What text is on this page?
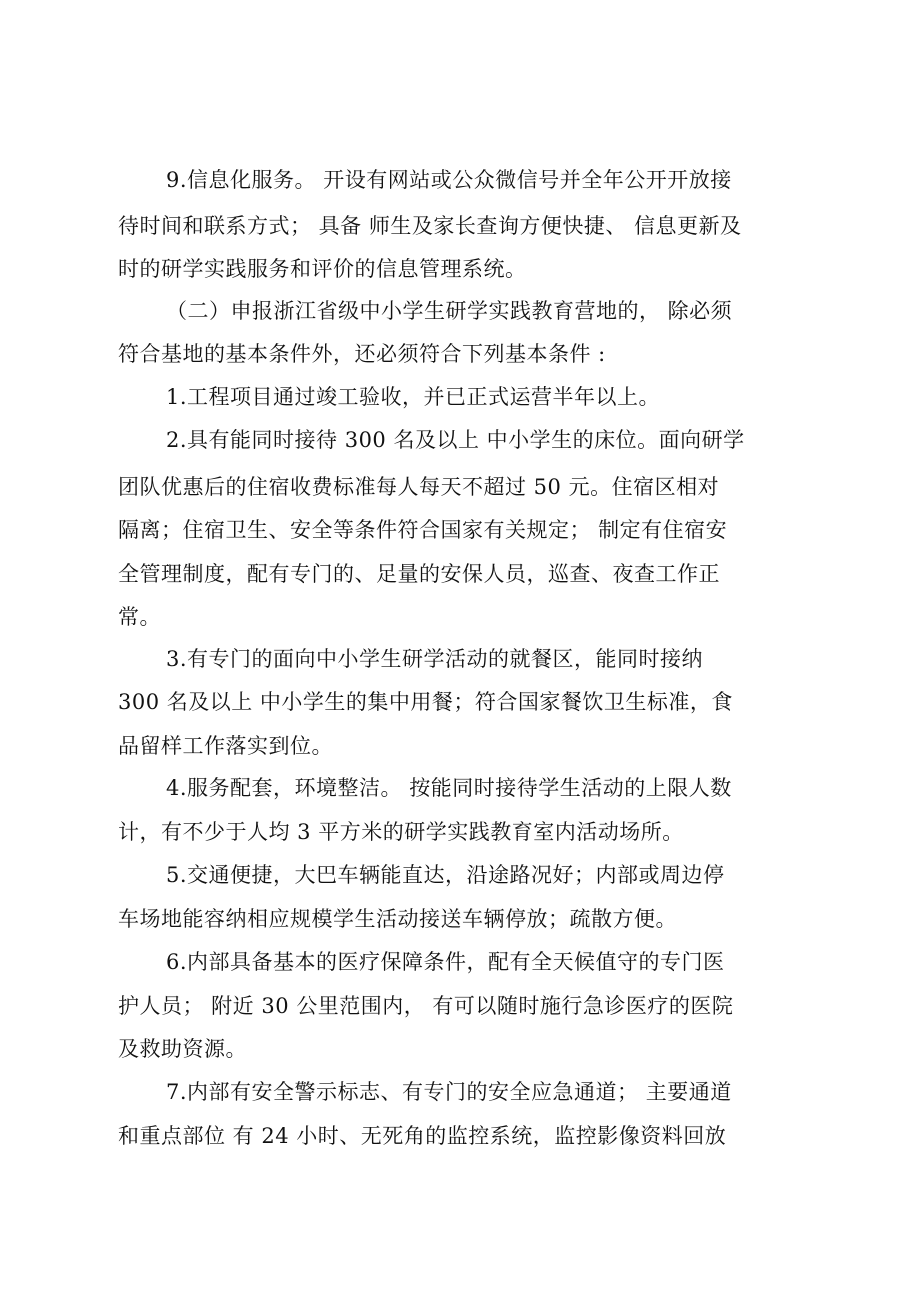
9.信息化服务。 开设有网站或公众微信号并全年公开开放接
待时间和联系方式； 具备 师生及家长查询方便快捷、 信息更新及
时的研学实践服务和评价的信息管理系统。
（二）申报浙江省级中小学生研学实践教育营地的， 除必须
符合基地的基本条件外，还必须符合下列基本条件 :
1.工程项目通过竣工验收，并已正式运营半年以上。
2.具有能同时接待 300 名及以上 中小学生的床位。面向研学
团队优惠后的住宿收费标准每人每天不超过 50 元。住宿区相对
隔离；住宿卫生、安全等条件符合国家有关规定； 制定有住宿安
全管理制度，配有专门的、足量的安保人员，巡查、夜查工作正
常。
3.有专门的面向中小学生研学活动的就餐区，能同时接纳
300 名及以上 中小学生的集中用餐；符合国家餐饮卫生标准，食
品留样工作落实到位。
4.服务配套，环境整洁。 按能同时接待学生活动的上限人数
计，有不少于人均 3 平方米的研学实践教育室内活动场所。
5.交通便捷，大巴车辆能直达，沿途路况好；内部或周边停
车场地能容纳相应规模学生活动接送车辆停放；疏散方便。
6.内部具备基本的医疗保障条件，配有全天候值守的专门医
护人员； 附近 30 公里范围内， 有可以随时施行急诊医疗的医院
及救助资源。
7.内部有安全警示标志、有专门的安全应急通道； 主要通道
和重点部位 有 24 小时、无死角的监控系统，监控影像资料回放
